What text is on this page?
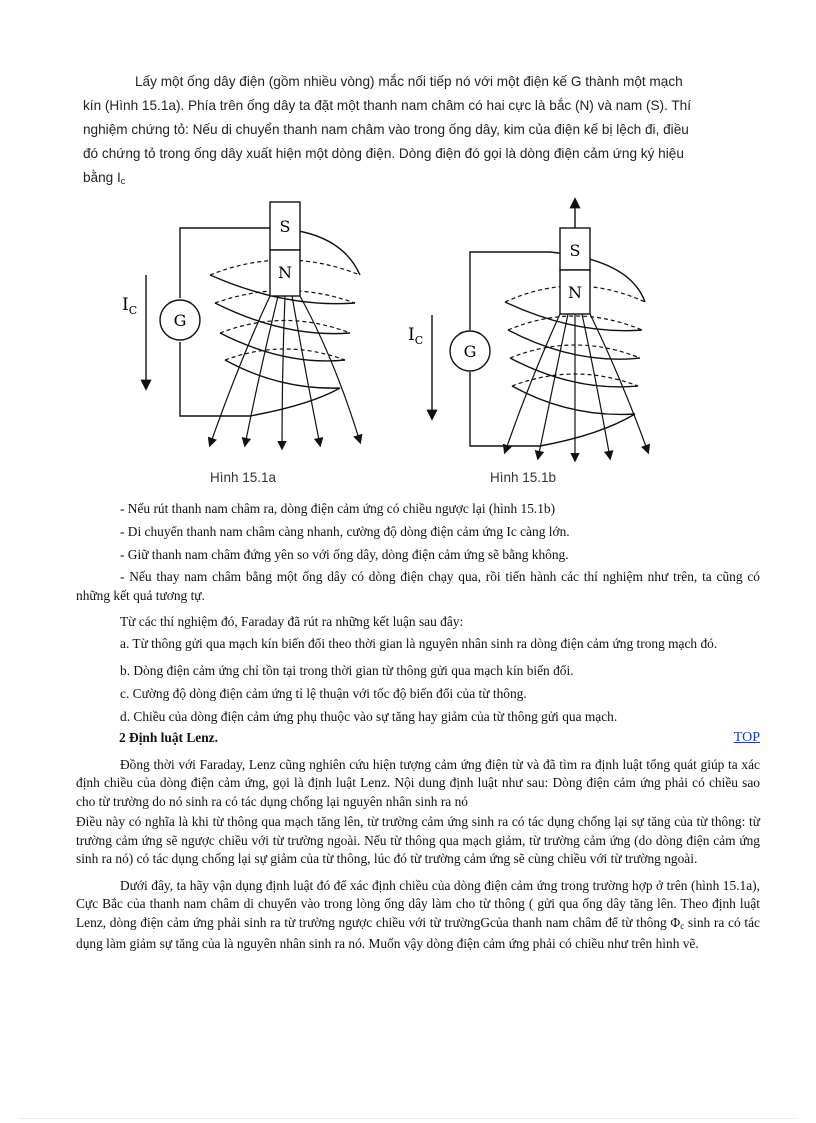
Lấy một ống dây điện (gồm nhiều vòng) mắc nối tiếp nó với một điện kế G thành một mạch kín (Hình 15.1a). Phía trên ống dây ta đặt một thanh nam châm có hai cực là bắc (N) và nam (S). Thí nghiệm chứng tỏ: Nếu di chuyển thanh nam châm vào trong ống dây, kim của điện kế bị lệch đi, điều đó chứng tỏ trong ống dây xuất hiện một dòng điện. Dòng điện đó gọi là dòng điện cảm ứng ký hiệu bằng $I_c$

G
$I_C$
S
N
Hình 15.1a
G
$I_C$
S
N
Hình 15.1b

- Nếu rút thanh nam châm ra, dòng điện cảm ứng có chiều ngược lại (hình 15.1b)

- Di chuyển thanh nam châm càng nhanh, cường độ dòng điện cảm ứng Ic càng lớn.

- Giữ thanh nam châm đứng yên so với ống dây, dòng điện cảm ứng sẽ bằng không.

- Nếu thay nam châm bằng một ống dây có dòng điện chạy qua, rồi tiến hành các thí nghiệm như trên, ta cũng có những kết quả tương tự.

Từ các thí nghiệm đó, Faraday đã rút ra những kết luận sau đây:

a. Từ thông gửi qua mạch kín biến đổi theo thời gian là nguyên nhân sinh ra dòng điện cảm ứng trong mạch đó.

b. Dòng điện cảm ứng chỉ tồn tại trong thời gian từ thông gửi qua mạch kín biến đổi.

c. Cường độ dòng điện cảm ứng tỉ lệ thuận với tốc độ biến đổi của từ thông.

d. Chiều của dòng điện cảm ứng phụ thuộc vào sự tăng hay giảm của từ thông gửi qua mạch.

2 Định luật Lenz.	TOP

Đồng thời với Faraday, Lenz cũng nghiên cứu hiện tượng cảm ứng điện từ và đã tìm ra định luật tổng quát giúp ta xác định chiều của dòng điện cảm ứng, gọi là định luật Lenz. Nội dung định luật như sau: Dòng điện cảm ứng phải có chiều sao cho từ trường do nó sinh ra có tác dụng chống lại nguyên nhân sinh ra nó

Điều này có nghĩa là khi từ thông qua mạch tăng lên, từ trường cảm ứng sinh ra có tác dụng chống lại sự tăng của từ thông: từ trường cảm ứng sẽ ngược chiều với từ trường ngoài. Nếu từ thông qua mạch giảm, từ trường cảm ứng (do dòng điện cảm ứng sinh ra nó) có tác dụng chống lại sự giảm của từ thông, lúc đó từ trường cảm ứng sẽ cùng chiều với từ trường ngoài.

Dưới đây, ta hãy vận dụng định luật đó để xác định chiều của dòng điện cảm ứng trong trường hợp ở trên (hình 15.1a), Cực Bắc của thanh nam châm di chuyển vào trong lòng ống dây làm cho từ thông ( gửi qua ống dây tăng lên. Theo định luật Lenz, dòng điện cảm ứng phải sinh ra từ trường ngược chiều với từ trườngGcủa thanh nam châm để từ thông Φc sinh ra có tác dụng làm giảm sự tăng của là nguyên nhân sinh ra nó. Muốn vậy dòng điện cảm ứng phải có chiều như trên hình vẽ.
